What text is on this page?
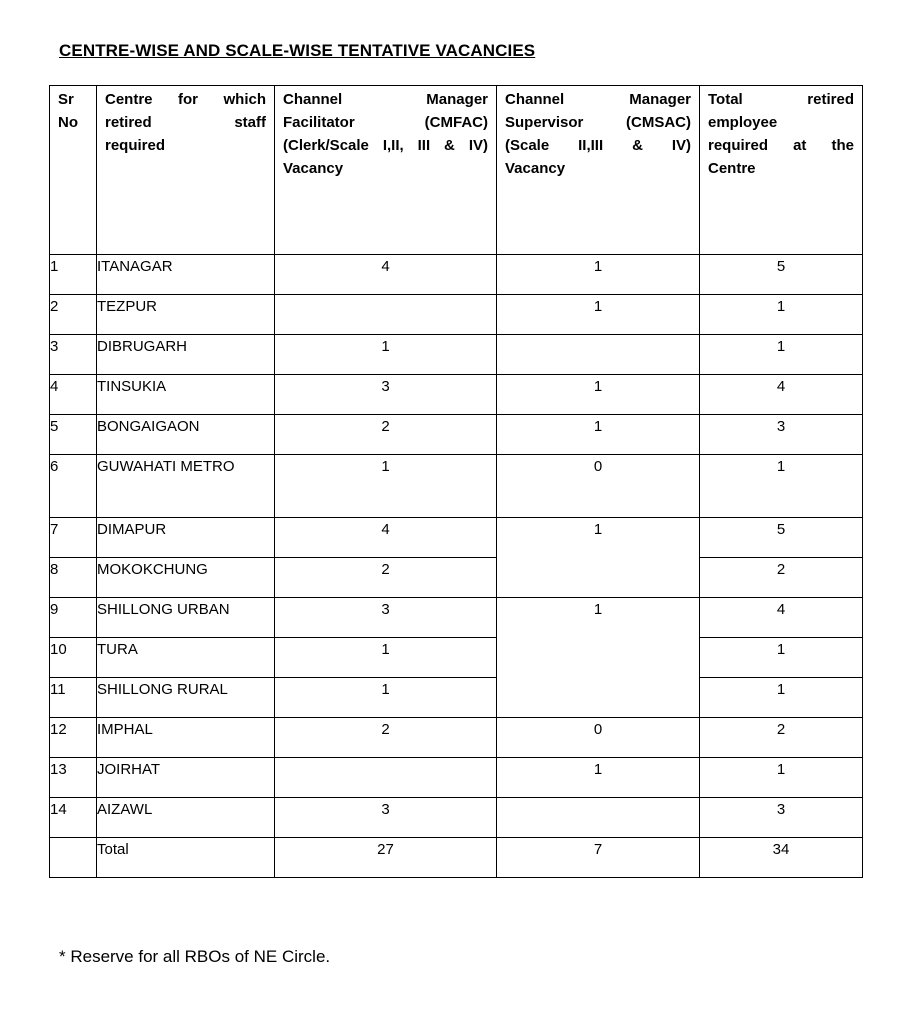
CENTRE-WISE AND SCALE-WISE TENTATIVE VACANCIES
Sr
No	Centre for which
retired staff
required	Channel Manager
Facilitator (CMFAC)
(Clerk/Scale I,II, III & IV)
Vacancy	Channel Manager
Supervisor (CMSAC)
(Scale II,III & IV)
Vacancy	Total retired
employee
required at the
Centre

1	ITANAGAR	4	1	5
2	TEZPUR		1	1
3	DIBRUGARH	1		1
4	TINSUKIA	3	1	4
5	BONGAIGAON	2	1	3
6	GUWAHATI METRO	1	0	1
7	DIMAPUR	4	1	5
8	MOKOKCHUNG	2		2
9	SHILLONG URBAN	3	1	4
10	TURA	1		1
11	SHILLONG RURAL	1		1
12	IMPHAL	2	0	2
13	JOIRHAT		1	1
14	AIZAWL	3		3
	Total	27	7	34
* Reserve for all RBOs of NE Circle.
